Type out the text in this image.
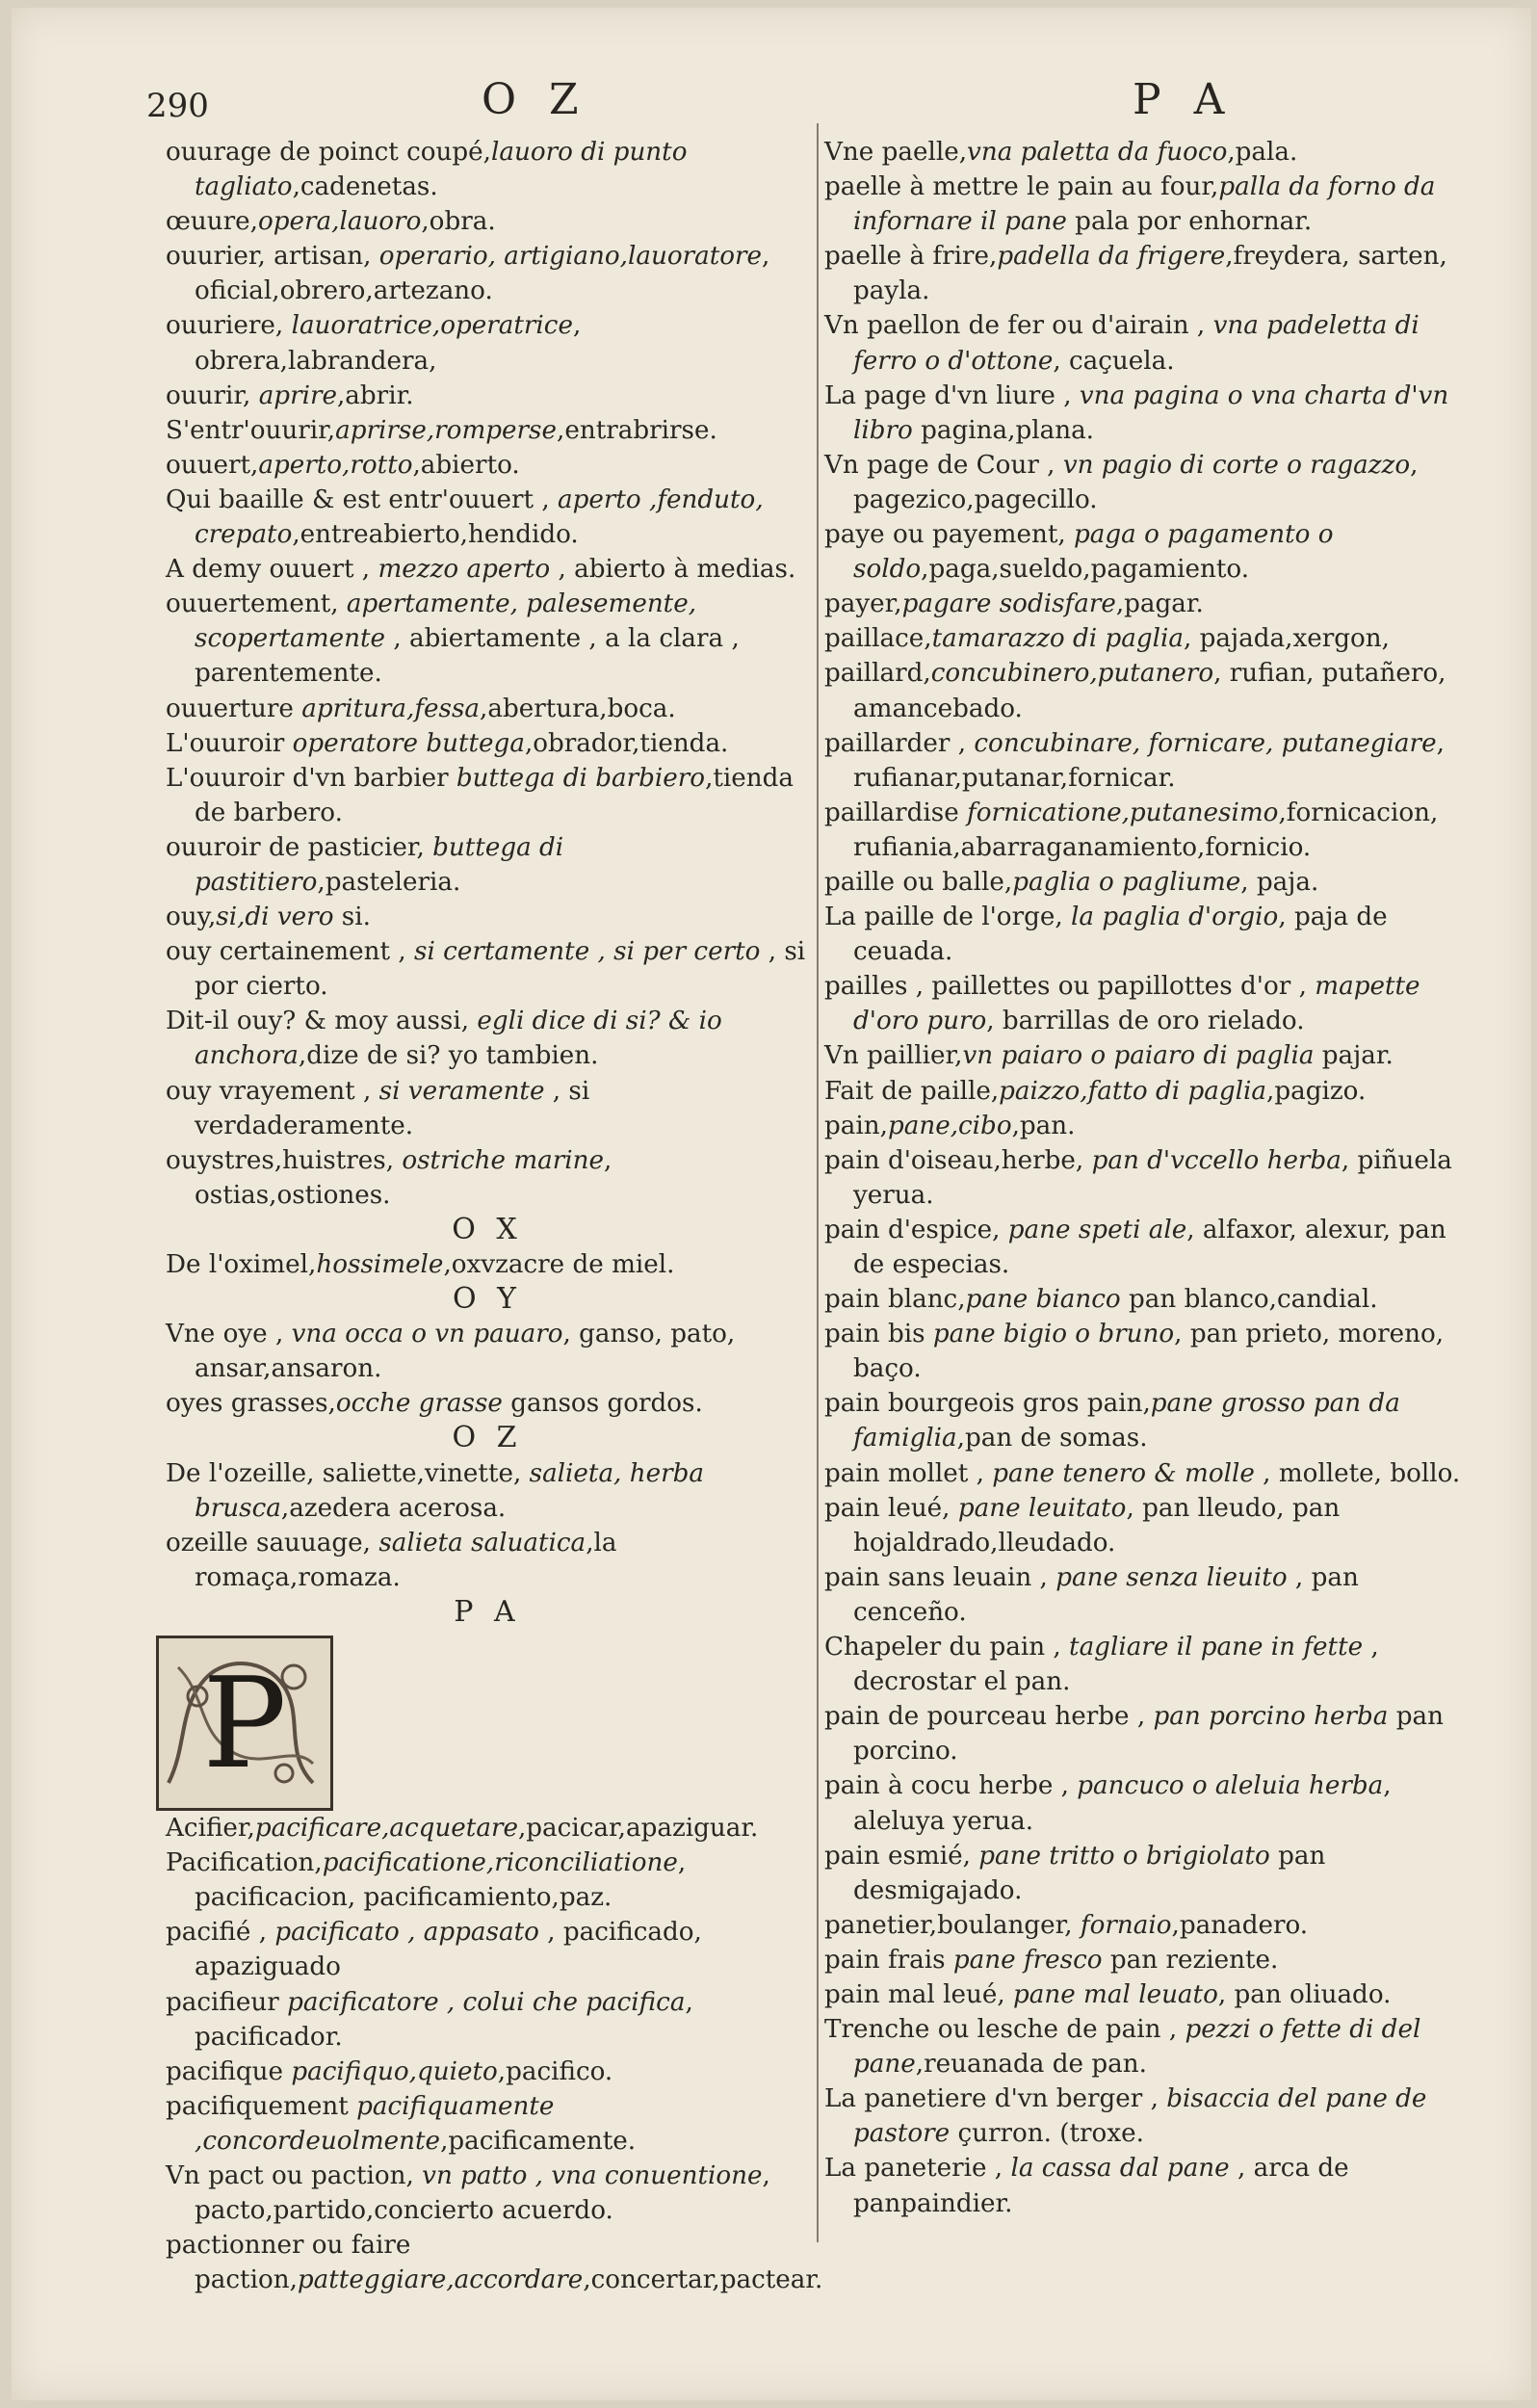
290	O Z	P A

ouurage de poinct coupé,lauoro di punto tagliato,cadenetas.

œuure,opera,lauoro,obra.

ouurier, artisan, operario, artigiano,lauoratore, oficial,obrero,artezano.

ouuriere, lauoratrice,operatrice, obrera,labrandera,

ouurir, aprire,abrir.

S'entr'ouurir,aprirse,rompersе,entrabrirse.

ouuert,aperto,rotto,abierto.

Qui baaille & est entr'ouuert , aperto ,fenduto, crepato,entreabierto,hendido.

A demy ouuert , mezzo aperto , abierto à medias.

ouuertement, apertamente, palesemente, scopertamente , abiertamente , a la clara , parentemente.

ouuerture apritura,fessa,abertura,boca.

L'ouuroir operatore buttega,obrador,tienda.

L'ouuroir d'vn barbier buttega di barbiero,tienda de barbero.

ouuroir de pasticier, buttega di pastitiero,pasteleria.

ouy,si,di vero si.

ouy certainement , si certamente , si per certo , si por cierto.

Dit-il ouy? & moy aussi, egli dice di si? & io anchora,dize de si? yo tambien.

ouy vrayement , si veramente , si verdaderamente.

ouystres,huistres, ostriche marine, ostias,ostiones.

O X

De l'oximel,hossimele,oxvzacre de miel.

O Y

Vne oye , vna occa o vn pauaro, ganso, pato, ansar,ansaron.

oyes grasses,ocche grasse gansos gordos.

O Z

De l'ozeille, saliette,vinette, salieta, herba brusca,azedera acerosa.

ozeille sauuage, salieta saluatica,la romaça,romaza.

P A
P

Acifier,pacificare,acquetare,pacicar,apaziguar.

Pacification,pacificatione,riconciliatione, pacificacion, pacificamiento,paz.

pacifié , pacificato , appasato , pacificado, apaziguado

pacifieur pacificatore , colui che pacifica, pacificador.

pacifique pacifiquo,quieto,pacifico.

pacifiquement pacifiquamente ,concordeuolmente,pacificamente.

Vn pact ou paction, vn patto , vna conuentione, pacto,partido,concierto acuerdo.

pactionner ou faire paction,patteggiare,accordare,concertar,pactear.

Vne paelle,vna paletta da fuoco,pala.

paelle à mettre le pain au four,palla da forno da infornare il pane pala por enhornar.

paelle à frire,padella da frigere,freydera, sarten, payla.

Vn paellon de fer ou d'airain , vna padeletta di ferro o d'ottone, caçuela.

La page d'vn liure , vna pagina o vna charta d'vn libro pagina,plana.

Vn page de Cour , vn pagio di corte o ragazzo, pagezico,pagecillo.

paye ou payement, paga o pagamento o soldo,paga,sueldo,pagamiento.

payer,pagare sodisfare,pagar.

paillace,tamarazzo di paglia, pajada,xergon,

paillard,concubinero,putanero, rufian, putañero, amancebado.

paillarder , concubinare, fornicare, putanegiare, rufianar,putanar,fornicar.

paillardise fornicatione,putanesimo,fornicacion, rufiania,abarraganamiento,fornicio.

paille ou balle,paglia o pagliume, paja.

La paille de l'orge, la paglia d'orgio, paja de ceuada.

pailles , paillettes ou papillottes d'or , mapette d'oro puro, barrillas de oro rielado.

Vn paillier,vn paiaro o paiaro di paglia pajar.

Fait de paille,paizzo,fatto di paglia,pagizo.

pain,pane,cibo,pan.

pain d'oiseau,herbe, pan d'vccello herba, piñuela yerua.

pain d'espice, pane speti ale, alfaxor, alexur, pan de especias.

pain blanc,pane bianco pan blanco,candial.

pain bis pane bigio o bruno, pan prieto, moreno, baço.

pain bourgeois gros pain,pane grosso pan da famiglia,pan de somas.

pain mollet , pane tenero & molle , mollete, bollo.

pain leué, pane leuitato, pan lleudo, pan hojaldrado,lleudado.

pain sans leuain , pane senza lieuito , pan cenceño.

Chapeler du pain , tagliare il pane in fette , decrostar el pan.

pain de pourceau herbe , pan porcino herba pan porcino.

pain à cocu herbe , pancuco o aleluia herba, aleluya yerua.

pain esmié, pane tritto o brigiolato pan desmigajado.

panetier,boulanger, fornaio,panadero.

pain frais pane fresco pan reziente.

pain mal leué, pane mal leuato, pan oliuado.

Trenche ou lesche de pain , pezzi o fette di del pane,reuanada de pan.

La panetiere d'vn berger , bisaccia del pane de pastore çurron. (troxe.

La paneterie , la cassa dal pane , arca de panpaindier.
